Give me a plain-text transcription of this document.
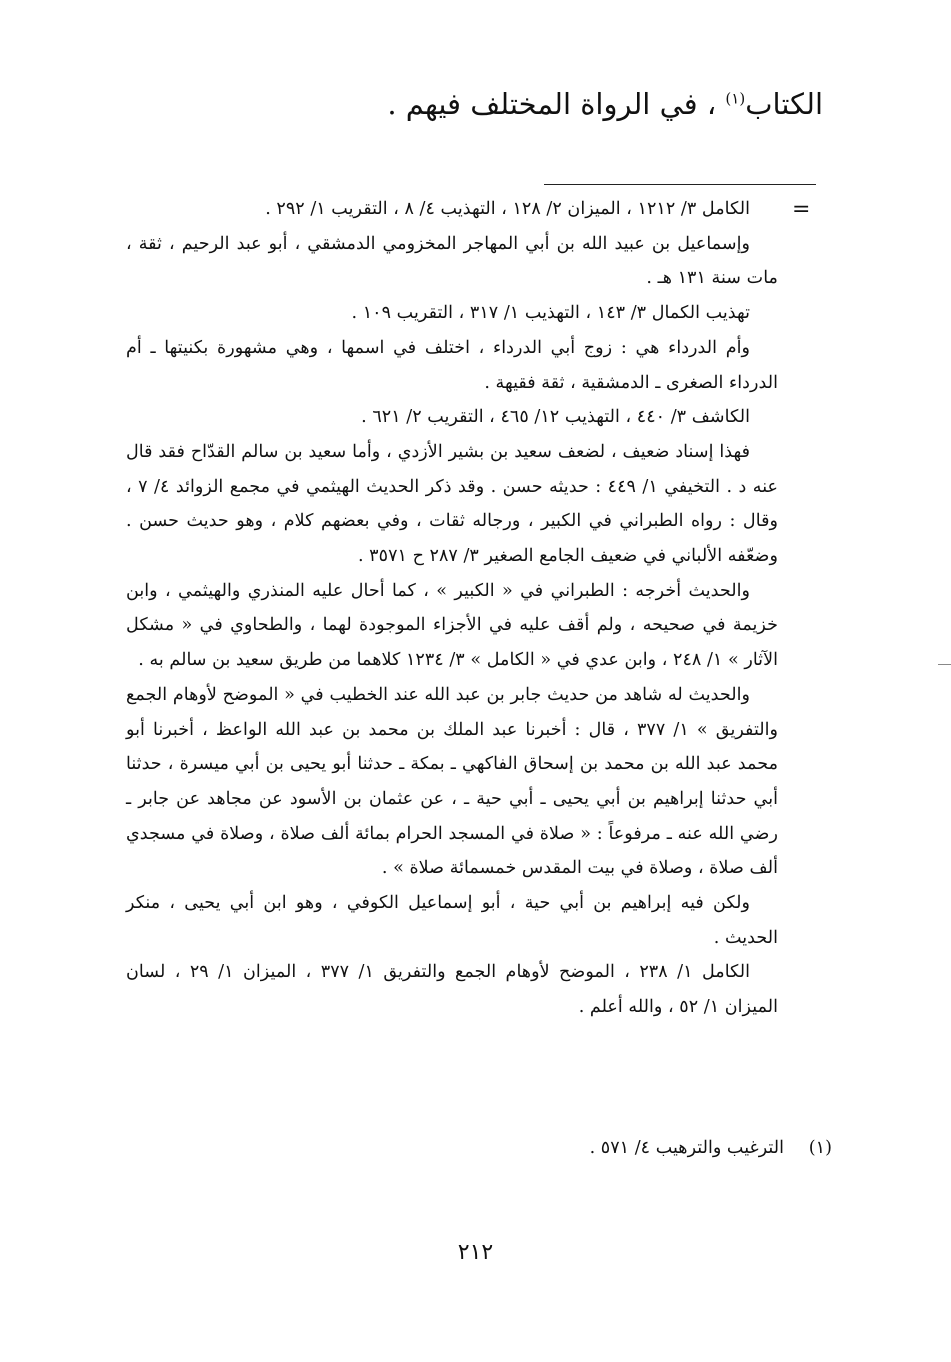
الكتاب$^{(١)}$ ، في الرواة المختلف فيهم .
=

الكامل ٣/ ١٢١٢ ، الميزان ٢/ ١٢٨ ، التهذيب ٤/ ٨ ، التقريب ١/ ٢٩٢ .

وإسماعيل بن عبيد الله بن أبي المهاجر المخزومي الدمشقي ، أبو عبد الرحيم ، ثقة ، مات سنة ١٣١ هـ .

تهذيب الكمال ٣/ ١٤٣ ، التهذيب ١/ ٣١٧ ، التقريب ١٠٩ .

وأم الدرداء هي : زوج أبي الدرداء ، اختلف في اسمها ، وهي مشهورة بكنيتها ـ أم الدرداء الصغرى ـ الدمشقية ، ثقة فقيهة .

الكاشف ٣/ ٤٤٠ ، التهذيب ١٢/ ٤٦٥ ، التقريب ٢/ ٦٢١ .

فهذا إسناد ضعيف ، لضعف سعيد بن بشير الأزدي ، وأما سعيد بن سالم القدّاح فقد قال عنه د . التخيفي ١/ ٤٤٩ : حديثه حسن . وقد ذكر الحديث الهيثمي في مجمع الزوائد ٤/ ٧ ، وقال : رواه الطبراني في الكبير ، ورجاله ثقات ، وفي بعضهم كلام ، وهو حديث حسن . وضعّفه الألباني في ضعيف الجامع الصغير ٣/ ٢٨٧ ح ٣٥٧١ .

والحديث أخرجه : الطبراني في « الكبير » ، كما أحال عليه المنذري والهيثمي ، وابن خزيمة في صحيحه ، ولم أقف عليه في الأجزاء الموجودة لهما ، والطحاوي في « مشكل الآثار » ١/ ٢٤٨ ، وابن عدي في « الكامل » ٣/ ١٢٣٤ كلاهما من طريق سعيد بن سالم به .

والحديث له شاهد من حديث جابر بن عبد الله عند الخطيب في « الموضح لأوهام الجمع والتفريق » ١/ ٣٧٧ ، قال : أخبرنا عبد الملك بن محمد بن عبد الله الواعظ ، أخبرنا أبو محمد عبد الله بن محمد بن إسحاق الفاكهي ـ بمكة ـ حدثنا أبو يحيى بن أبي ميسرة ، حدثنا أبي حدثنا إبراهيم بن أبي يحيى ـ أبي حية ـ ، عن عثمان بن الأسود عن مجاهد عن جابر ـ رضي الله عنه ـ مرفوعاً : « صلاة في المسجد الحرام بمائة ألف صلاة ، وصلاة في مسجدي ألف صلاة ، وصلاة في بيت المقدس خمسمائة صلاة » .

ولكن فيه إبراهيم بن أبي حية ، أبو إسماعيل الكوفي ، وهو ابن أبي يحيى ، منكر الحديث .

الكامل ١/ ٢٣٨ ، الموضح لأوهام الجمع والتفريق ١/ ٣٧٧ ، الميزان ١/ ٢٩ ، لسان الميزان ١/ ٥٢ ، والله أعلم .

(١)الترغيب والترهيب ٤/ ٥٧١ .
٢١٢
